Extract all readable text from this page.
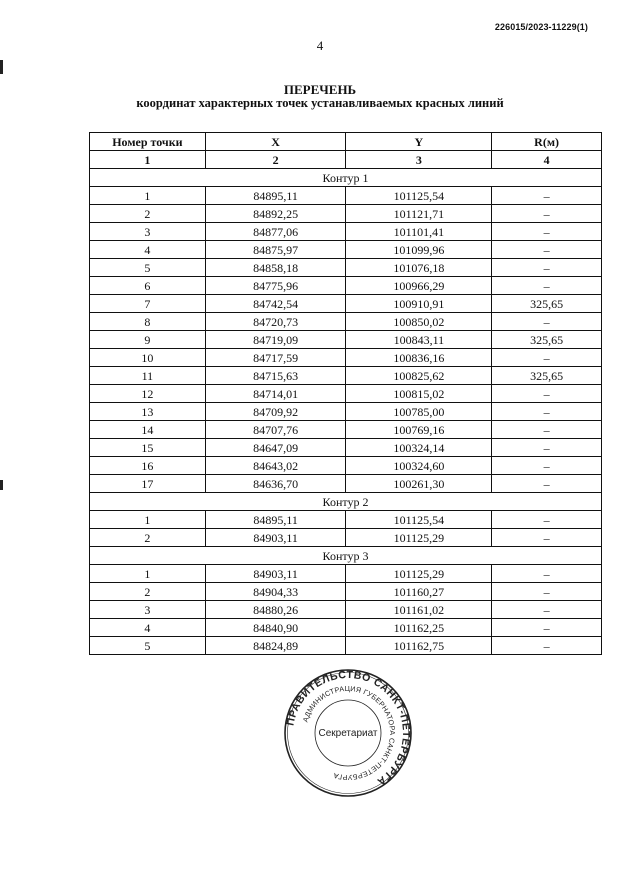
226015/2023-11229(1)
4
ПЕРЕЧЕНЬ
координат характерных точек устанавливаемых красных линий
Номер точки	X	Y	R(м)
1	2	3	4
Контур 1			
1	84895,11	101125,54	–
2	84892,25	101121,71	–
3	84877,06	101101,41	–
4	84875,97	101099,96	–
5	84858,18	101076,18	–
6	84775,96	100966,29	–
7	84742,54	100910,91	325,65
8	84720,73	100850,02	–
9	84719,09	100843,11	325,65
10	84717,59	100836,16	–
11	84715,63	100825,62	325,65
12	84714,01	100815,02	–
13	84709,92	100785,00	–
14	84707,76	100769,16	–
15	84647,09	100324,14	–
16	84643,02	100324,60	–
17	84636,70	100261,30	–
Контур 2			
1	84895,11	101125,54	–
2	84903,11	101125,29	–
Контур 3			
1	84903,11	101125,29	–
2	84904,33	101160,27	–
3	84880,26	101161,02	–
4	84840,90	101162,25	–
5	84824,89	101162,75	–
ПРАВИТЕЛЬСТВО САНКТ-ПЕТЕРБУРГА
АДМИНИСТРАЦИЯ ГУБЕРНАТОРА САНКТ-ПЕТЕРБУРГА
Секретариат
